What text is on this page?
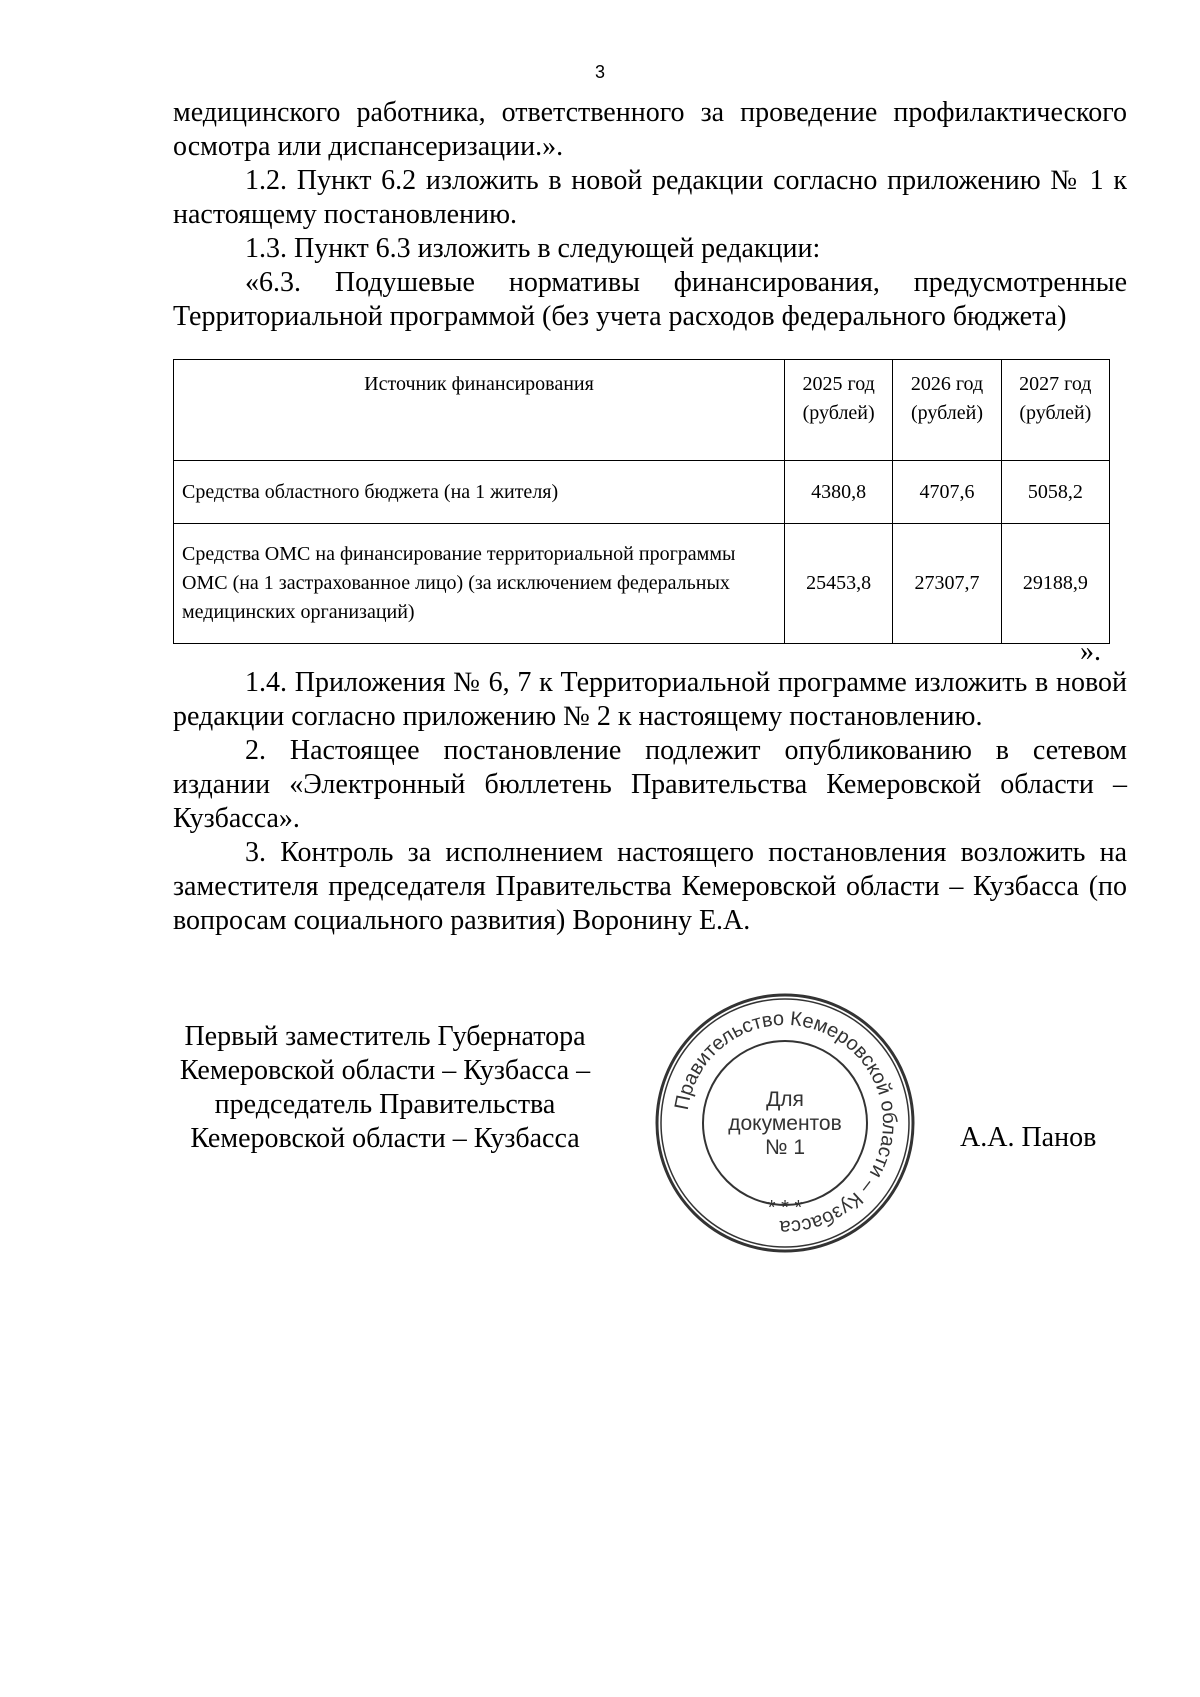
3

медицинского работника, ответственного за проведение профилактического осмотра или диспансеризации.».

1.2. Пункт 6.2 изложить в новой редакции согласно приложению № 1 к настоящему постановлению.

1.3. Пункт 6.3 изложить в следующей редакции:

«6.3. Подушевые нормативы финансирования, предусмотренные Территориальной программой (без учета расходов федерального бюджета)

Источник финансирования	2025 год (рублей)	2026 год (рублей)	2027 год (рублей)
Средства областного бюджета (на 1 жителя)	4380,8	4707,6	5058,2
Средства ОМС на финансирование территориальной программы ОМС (на 1 застрахованное лицо) (за исключением федеральных медицинских организаций)	25453,8	27307,7	29188,9
».

1.4. Приложения № 6, 7 к Территориальной программе изложить в новой редакции согласно приложению № 2 к настоящему постановлению.

2. Настоящее постановление подлежит опубликованию в сетевом издании «Электронный бюллетень Правительства Кемеровской области – Кузбасса».

3. Контроль за исполнением настоящего постановления возложить на заместителя председателя Правительства Кемеровской области – Кузбасса (по вопросам социального развития) Воронину Е.А.

Первый заместитель Губернатора
Кемеровской области – Кузбасса –
председатель Правительства
Кемеровской области – Кузбасса
Правительство Кемеровской области – Кузбасса
* * *
Для
документов
№ 1	А.А. Панов
